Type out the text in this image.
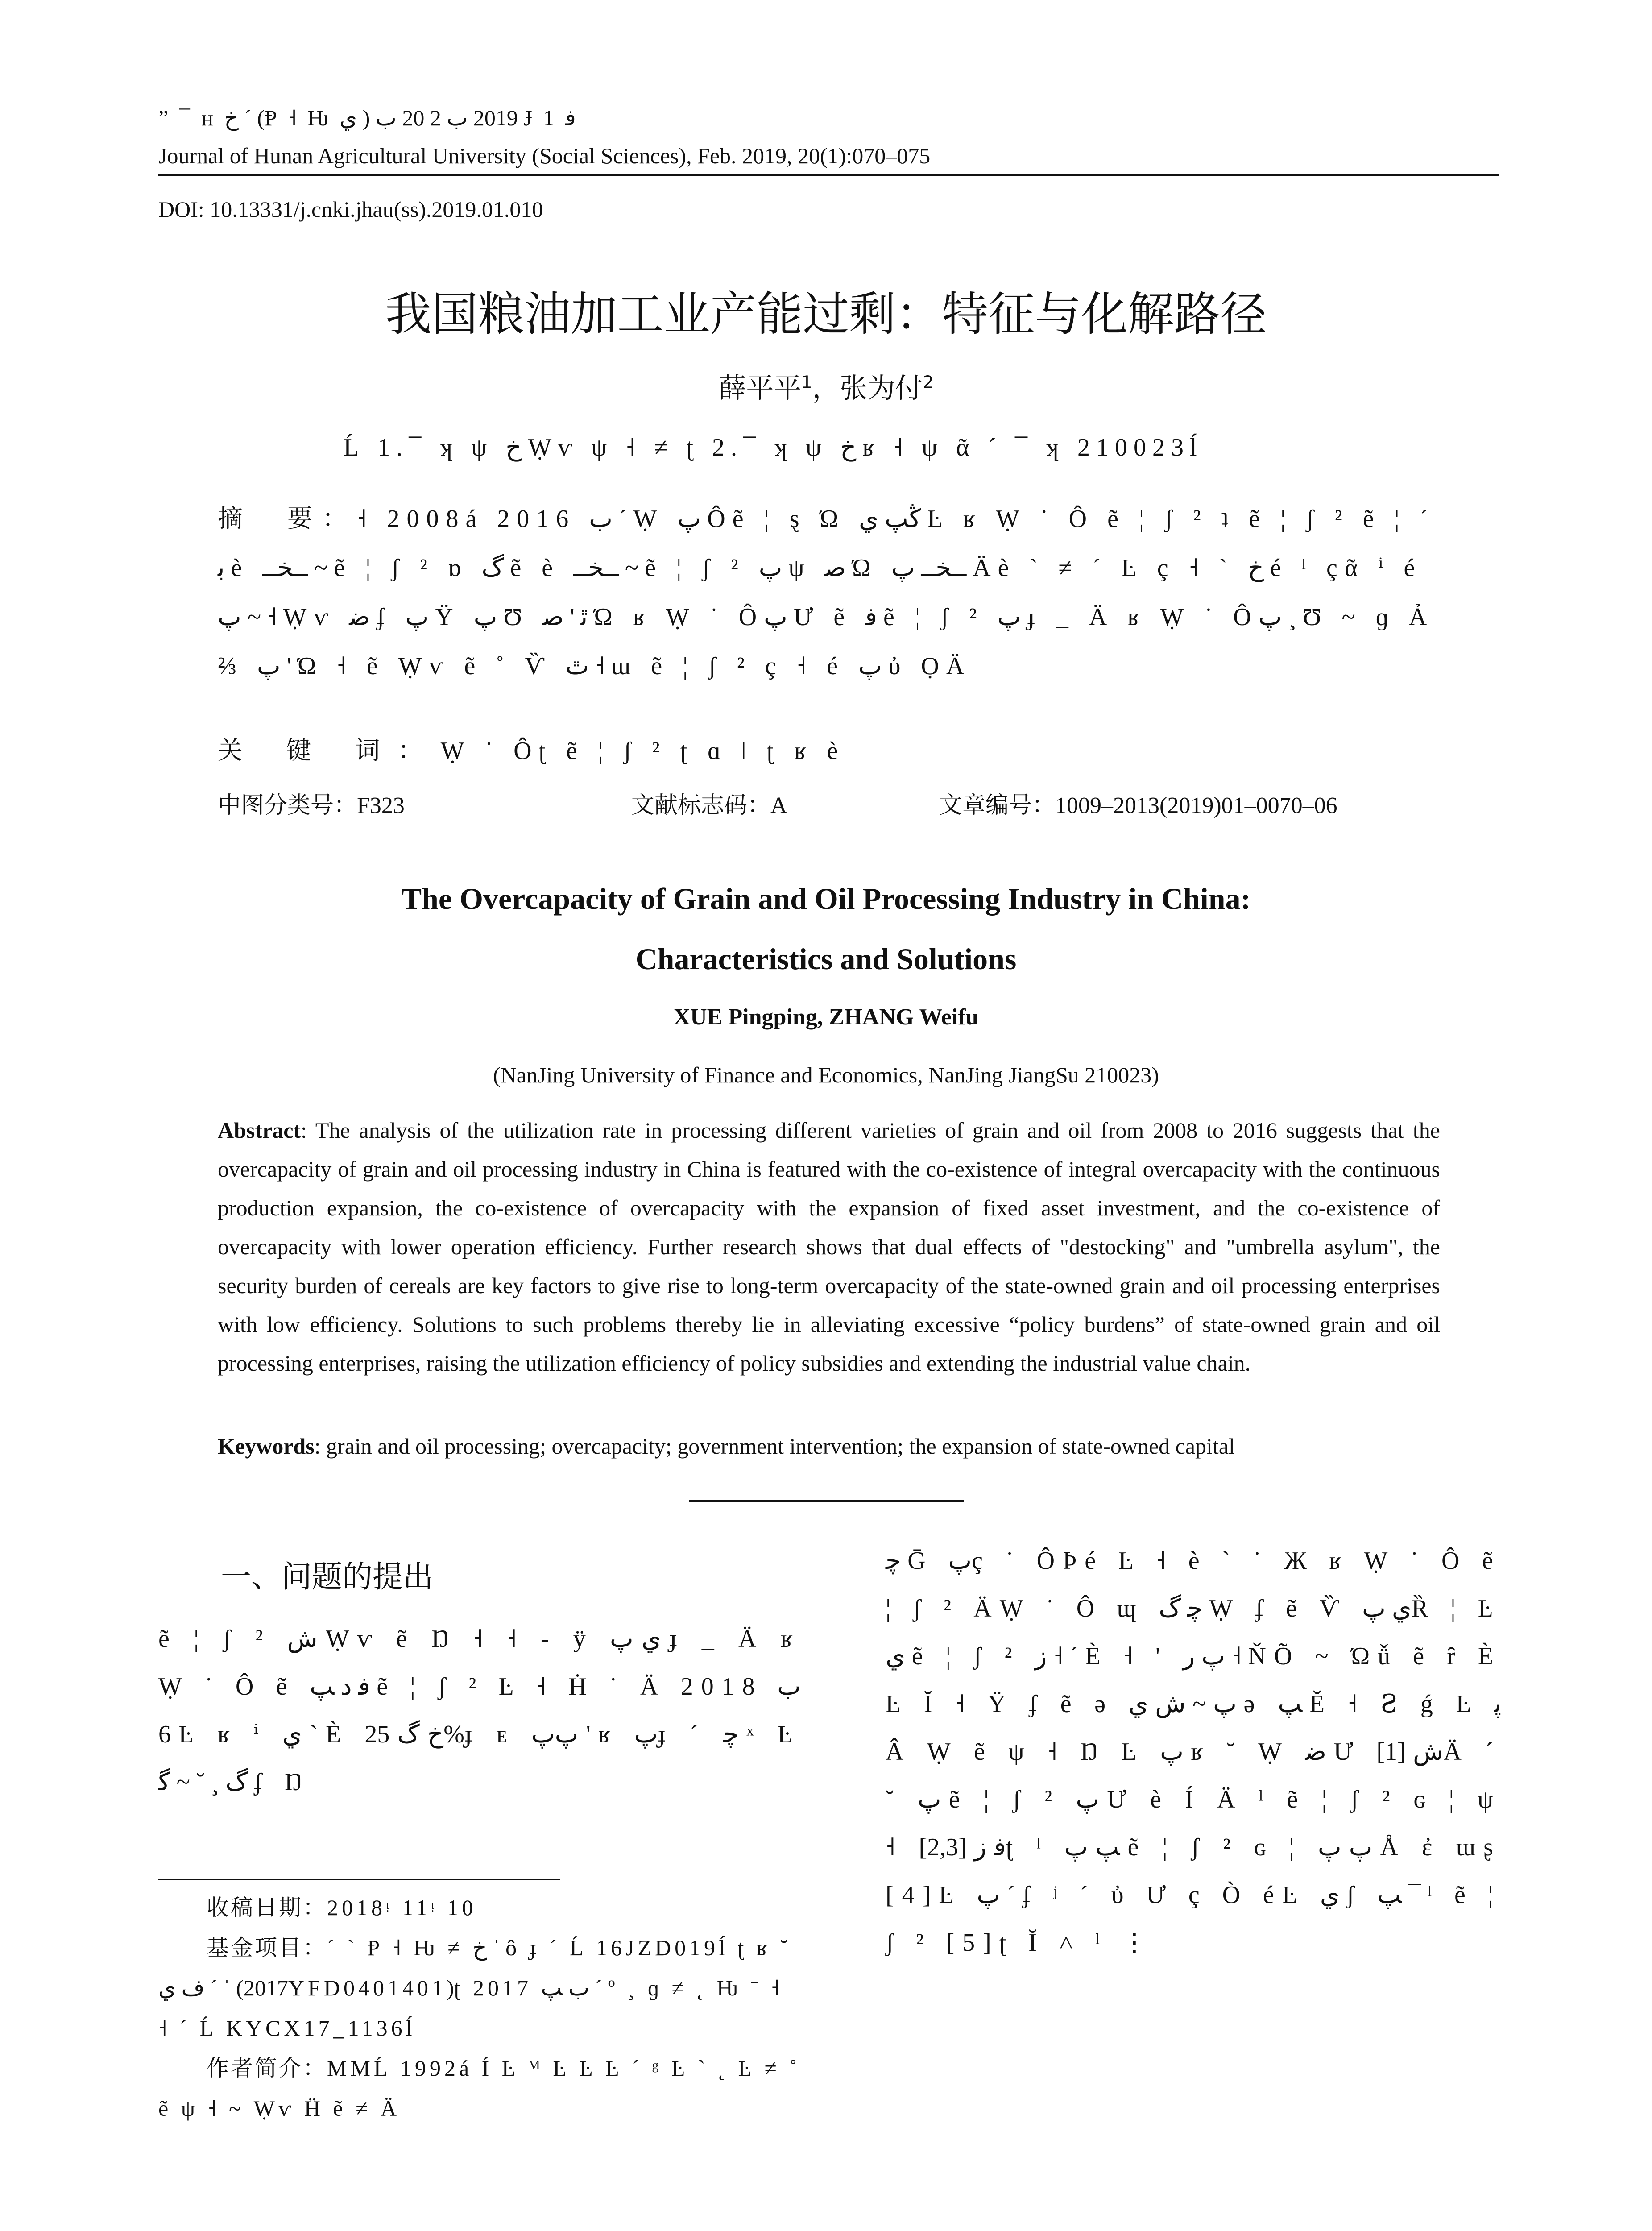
” ¯ ʜ ﺥ ˊ (Ᵽ ˧ Ƕ ي ) 2019 ب 2 20 ب Ɉ 1 ﻓ
Journal of Hunan Agricultural University (Social Sciences), Feb. 2019, 20(1):070–075
DOI: 10.13331/j.cnki.jhau(ss).2019.01.010
我国粮油加工业产能过剩：特征与化解路径
薛平平$^1$，张为付$^2$
Ĺ 1.¯ ʞ ψ ﺥ Ẉѵ ψ ˧ ≠ ʈ 2.¯ ʞ ψ ﺥ ʁ ˧ ψ ᾶ ˊ ¯ ʞ 210023ĺ
摘　要：˧ 2008á 2016 ب ˊ Ẉ پ Ôẽ ¦ ȿ Ώ ڭپ ي Ŀ ʁ Ẉ ˙ Ô ẽ ¦ ʃ ² ʇ ẽ ¦ ʃ ² ẽ ¦ ˊ ﺑ ѐ ــخــ ~ ẽ ¦ ʃ ² ɒ گ ẽ ѐ ــخــ ~ ẽ ¦ ʃ ² ﭖ ψ ﺻ Ώ ــخــ پ Äѐ ` ≠ ˊ Ŀ ç ˧ ` ﺥ é ˡ çᾶ ⁱ é پ ~ ˧ Ẉѵ ﺿ ʄ ﭖ Ÿ پ Ʊ ﭤ ' ﺻ Ώ ʁ Ẉ ˙ Ôﭖ Ư ẽ ﻓ ẽ ¦ ʃ ² پ ɟ _ Ä ʁ Ẉ ˙ Ôﭖ ¸ Ʊ ~ ɡ Ả ⅔ پ ' Ώ ˧ ẽ Ẉѵ ẽ ˚ Ѷ ﭢ ˧ ɯ ẽ ¦ ʃ ² ç ˧ é پ ὐ ỌÄ
关 键 词：Ẉ ˙ Ôʈ ẽ ¦ ʃ ² ʈ ɑ ǀ ʈ ʁ ѐ
中图分类号：F323	文献标志码：A	文章编号：1009–2013(2019)01–0070–06
The Overcapacity of Grain and Oil Processing Industry in China:
Characteristics and Solutions
XUE Pingping, ZHANG Weifu
(NanJing University of Finance and Economics, NanJing JiangSu 210023)
Abstract: The analysis of the utilization rate in processing different varieties of grain and oil from 2008 to 2016 suggests that the overcapacity of grain and oil processing industry in China is featured with the co-existence of integral overcapacity with the continuous production expansion, the co-existence of overcapacity with the expansion of fixed asset investment, and the co-existence of overcapacity with lower operation efficiency. Further research shows that dual effects of "destocking" and "umbrella asylum", the security burden of cereals are key factors to give rise to long-term overcapacity of the state-owned grain and oil processing enterprises with low efficiency. Solutions to such problems thereby lie in alleviating excessive “policy burdens” of state-owned grain and oil processing enterprises, raising the utilization efficiency of policy subsidies and extending the industrial value chain.
Keywords: grain and oil processing; overcapacity; government intervention; the expansion of state-owned capital
一、问题的提出
ẽ ¦ ʃ ² ﺵ Ẉѵ ẽ Ŋ ˧ ˧ - ÿ ي پ ɟ _ Ä ʁ Ẉ ˙ Ô ẽ ﻓ ﺩ ﭗ ẽ ¦ ʃ ² Ŀ ˧ Ḣ ˙ Ä 2018 ب 6 Ŀ ʁ ⁱ ي ` È ﺥ گ 25%ɟ ᴇ ﭖپ ' ʁ پɟ ˊ ﭼ ˣ Ŀ گ ¸ ˘ ~ ﮔ ʄ Ŋ
ﭼ Ḡ پç ˙ ÔÞé Ŀ ˧ è ` ˙ Ж ʁ Ẉ ˙ Ô ẽ ¦ ʃ ² ÄẈ ˙ Ô ɰ ﭼ گ Ẉ ʄ ẽ Ѷ ي پȐ ¦ Ŀ ي ẽ ¦ ʃ ² ﺯ ˧ ˊ È ˧ ' ﭖ ﺭ ˧ ŇÕ ~ Ώǚ ẽ ȓ È Ŀ Ĭ ˧ Ÿ ʄ ẽ ə پ ~ ﺵ ي ə ﭗ Ě ˧ Ꙅ ǵ Ŀ ﭘ Â Ẉ ẽ ψ ˧ Ŋ Ŀ ﭖ ʁ ˘ Ẉ ﺿ Ư ﺵ [1]Ä ˊ ˘ ﭖ ẽ ¦ ʃ ² پ Ư è Í Ä ˡ ẽ ¦ ʃ ² ɢ ¦ ψ ˧ ﻓ ﺯ [2,3]ʈ ˡ ﭗ پ ẽ ¦ ʃ ² ɢ ¦ ﭖ پ Å ἐ ɯʂ [4]Ŀ ﭖ ˊ ʄ ʲ ˊ ὐ Ư ç Ò éĿ ي ʃ ﭗ ¯ ˡ ẽ ¦ ʃ ² [5]ʈ Ĭ ˄ ˡ ⋮
收稿日期：2018ᵎ 11ᵎ 10
基金项目：ˊ ˋ Ᵽ ˧ Ƕ ≠ ﺥ ˈ ô ɟ ˊ Ĺ 16JZD019ĺ ʈ ʁ ˘ ﻑ ي ˊ ˈ (2017YFD0401401)ʈ 2017 ب ﭗ ˊ º ¸ ɡ ≠ ˛ Ƕ ˉ ˧ ˧ ˊ Ĺ KYCX17_1136ĺ
作者简介：MMĹ 1992á Í Ŀ ᴹ Ŀ Ŀ Ŀ ˊ ᵍ Ŀ ` ˛ Ŀ ≠ ˚ ẽ ψ ˧ ~ Ẉѵ Ḧ ẽ ≠ Ä
